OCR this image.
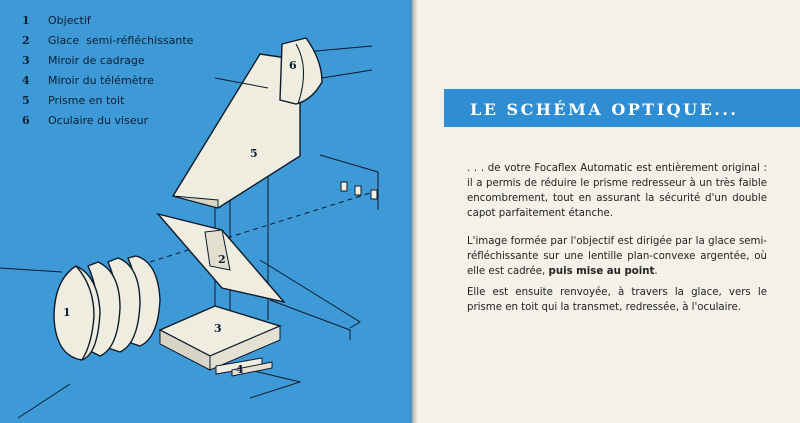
1
2
3
4
5
6
1 Objectif
2 Glace  semi-réfléchissante
3 Miroir de cadrage
4 Miroir du télémètre
5 Prisme en toit
6 Oculaire du viseur
LE SCHÉMA OPTIQUE...

. . . de votre Focaflex Automatic est entièrement original : il a permis de réduire le prisme redresseur à un très faible encombrement, tout en assurant la sécurité d'un double capot parfaitement étanche.

L'image formée par l'objectif est dirigée par la glace semi-réfléchissante sur une lentille plan-convexe argentée, où elle est cadrée, puis mise au point.

Elle est ensuite renvoyée, à travers la glace, vers le prisme en toit qui la transmet, redressée, à l'oculaire.
